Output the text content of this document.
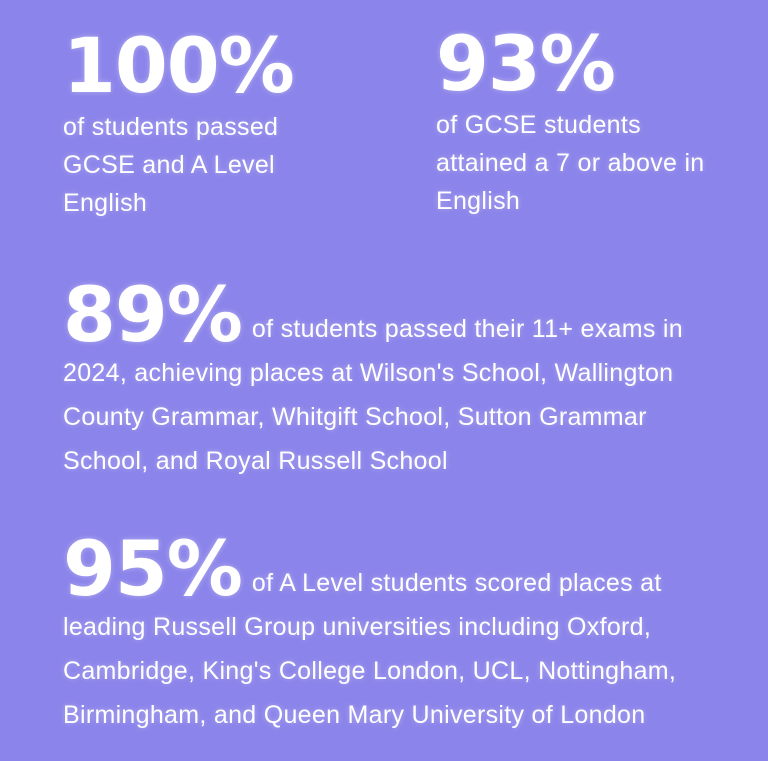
100%
of students passed GCSE and A Level English
93%
of GCSE students attained a 7 or above in English
89% of students passed their 11+ exams in 2024, achieving places at Wilson's School, Wallington County Grammar, Whitgift School, Sutton Grammar School, and Royal Russell School
95% of A Level students scored places at leading Russell Group universities including Oxford, Cambridge, King's College London, UCL, Nottingham, Birmingham, and Queen Mary University of London
